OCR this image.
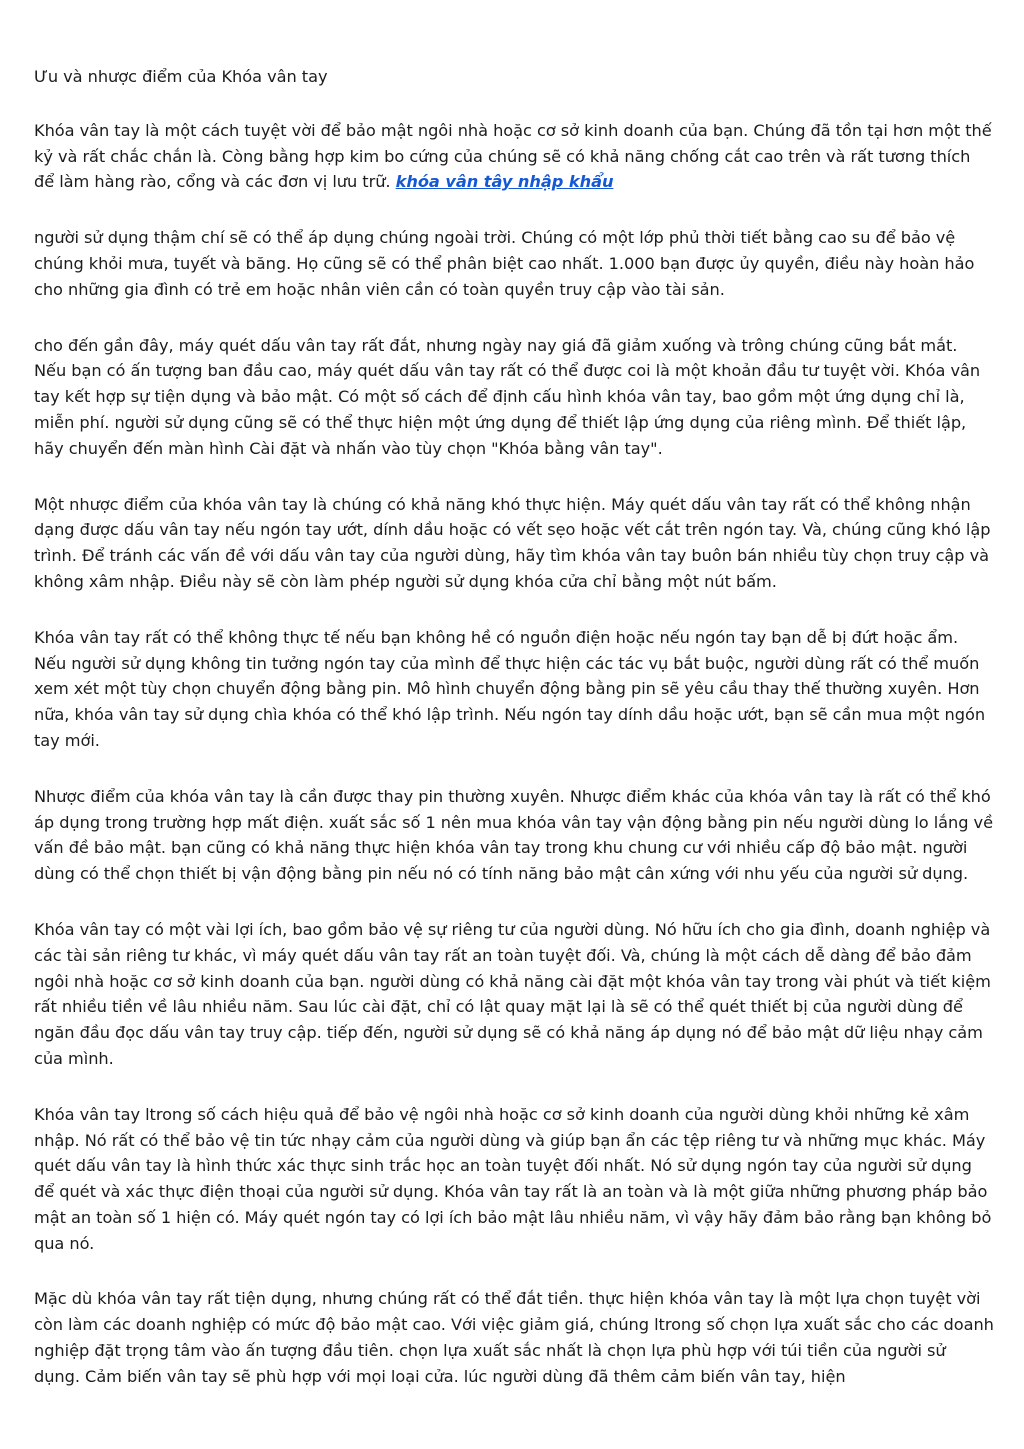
Ưu và nhược điểm của Khóa vân tay

Khóa vân tay là một cách tuyệt vời để bảo mật ngôi nhà hoặc cơ sở kinh doanh của bạn. Chúng đã tồn tại hơn một thế kỷ và rất chắc chắn là. Còng bằng hợp kim bo cứng của chúng sẽ có khả năng chống cắt cao trên và rất tương thích để làm hàng rào, cổng và các đơn vị lưu trữ. khóa vân tây nhập khẩu

người sử dụng thậm chí sẽ có thể áp dụng chúng ngoài trời. Chúng có một lớp phủ thời tiết bằng cao su để bảo vệ chúng khỏi mưa, tuyết và băng. Họ cũng sẽ có thể phân biệt cao nhất. 1.000 bạn được ủy quyền, điều này hoàn hảo cho những gia đình có trẻ em hoặc nhân viên cần có toàn quyền truy cập vào tài sản.

cho đến gần đây, máy quét dấu vân tay rất đắt, nhưng ngày nay giá đã giảm xuống và trông chúng cũng bắt mắt. Nếu bạn có ấn tượng ban đầu cao, máy quét dấu vân tay rất có thể được coi là một khoản đầu tư tuyệt vời. Khóa vân tay kết hợp sự tiện dụng và bảo mật. Có một số cách để định cấu hình khóa vân tay, bao gồm một ứng dụng chỉ là, miễn phí. người sử dụng cũng sẽ có thể thực hiện một ứng dụng để thiết lập ứng dụng của riêng mình. Để thiết lập, hãy chuyển đến màn hình Cài đặt và nhấn vào tùy chọn "Khóa bằng vân tay".

Một nhược điểm của khóa vân tay là chúng có khả năng khó thực hiện. Máy quét dấu vân tay rất có thể không nhận dạng được dấu vân tay nếu ngón tay ướt, dính dầu hoặc có vết sẹo hoặc vết cắt trên ngón tay. Và, chúng cũng khó lập trình. Để tránh các vấn đề với dấu vân tay của người dùng, hãy tìm khóa vân tay buôn bán nhiều tùy chọn truy cập và không xâm nhập. Điều này sẽ còn làm phép người sử dụng khóa cửa chỉ bằng một nút bấm.

Khóa vân tay rất có thể không thực tế nếu bạn không hề có nguồn điện hoặc nếu ngón tay bạn dễ bị đứt hoặc ẩm. Nếu người sử dụng không tin tưởng ngón tay của mình để thực hiện các tác vụ bắt buộc, người dùng rất có thể muốn xem xét một tùy chọn chuyển động bằng pin. Mô hình chuyển động bằng pin sẽ yêu cầu thay thế thường xuyên. Hơn nữa, khóa vân tay sử dụng chìa khóa có thể khó lập trình. Nếu ngón tay dính dầu hoặc ướt, bạn sẽ cần mua một ngón tay mới.

Nhược điểm của khóa vân tay là cần được thay pin thường xuyên. Nhược điểm khác của khóa vân tay là rất có thể khó áp dụng trong trường hợp mất điện. xuất sắc số 1 nên mua khóa vân tay vận động bằng pin nếu người dùng lo lắng về vấn đề bảo mật. bạn cũng có khả năng thực hiện khóa vân tay trong khu chung cư với nhiều cấp độ bảo mật. người dùng có thể chọn thiết bị vận động bằng pin nếu nó có tính năng bảo mật cân xứng với nhu yếu của người sử dụng.

Khóa vân tay có một vài lợi ích, bao gồm bảo vệ sự riêng tư của người dùng. Nó hữu ích cho gia đình, doanh nghiệp và các tài sản riêng tư khác, vì máy quét dấu vân tay rất an toàn tuyệt đối. Và, chúng là một cách dễ dàng để bảo đảm ngôi nhà hoặc cơ sở kinh doanh của bạn. người dùng có khả năng cài đặt một khóa vân tay trong vài phút và tiết kiệm rất nhiều tiền về lâu nhiều năm. Sau lúc cài đặt, chỉ có lật quay mặt lại là sẽ có thể quét thiết bị của người dùng để ngăn đầu đọc dấu vân tay truy cập. tiếp đến, người sử dụng sẽ có khả năng áp dụng nó để bảo mật dữ liệu nhạy cảm của mình.

Khóa vân tay ltrong số cách hiệu quả để bảo vệ ngôi nhà hoặc cơ sở kinh doanh của người dùng khỏi những kẻ xâm nhập. Nó rất có thể bảo vệ tin tức nhạy cảm của người dùng và giúp bạn ẩn các tệp riêng tư và những mục khác. Máy quét dấu vân tay là hình thức xác thực sinh trắc học an toàn tuyệt đối nhất. Nó sử dụng ngón tay của người sử dụng để quét và xác thực điện thoại của người sử dụng. Khóa vân tay rất là an toàn và là một giữa những phương pháp bảo mật an toàn số 1 hiện có. Máy quét ngón tay có lợi ích bảo mật lâu nhiều năm, vì vậy hãy đảm bảo rằng bạn không bỏ qua nó.

Mặc dù khóa vân tay rất tiện dụng, nhưng chúng rất có thể đắt tiền. thực hiện khóa vân tay là một lựa chọn tuyệt vời còn làm các doanh nghiệp có mức độ bảo mật cao. Với việc giảm giá, chúng ltrong số chọn lựa xuất sắc cho các doanh nghiệp đặt trọng tâm vào ấn tượng đầu tiên. chọn lựa xuất sắc nhất là chọn lựa phù hợp với túi tiền của người sử dụng. Cảm biến vân tay sẽ phù hợp với mọi loại cửa. lúc người dùng đã thêm cảm biến vân tay, hiện
